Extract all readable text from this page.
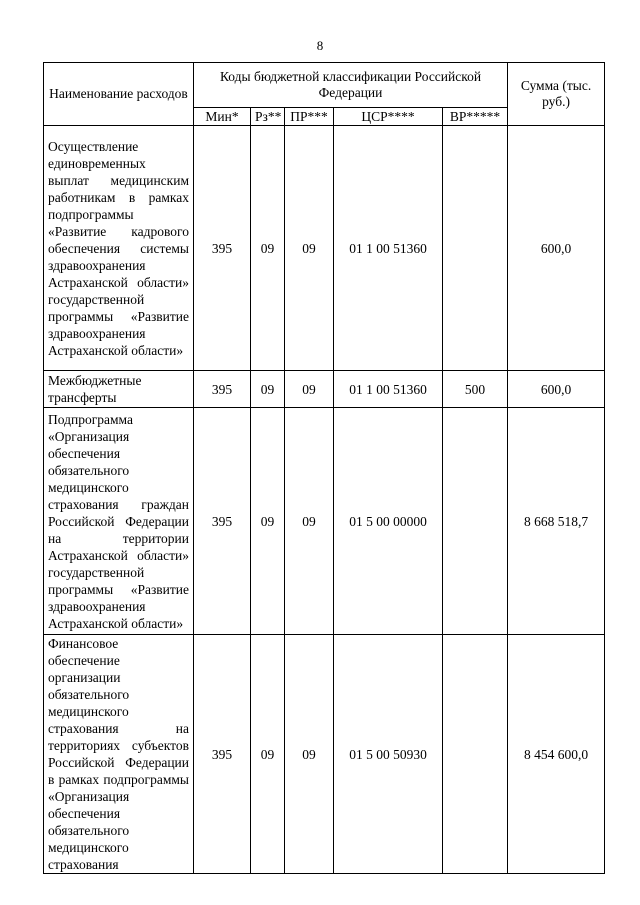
8
Наименование расходов	Коды бюджетной классификации Российской Федерации					Сумма (тыс. руб.)
	Мин*	Рз**	ПР***	ЦСР****	ВР*****	
Осуществление единовременных выплат медицинским работникам в рамках подпрограммы «Развитие кадрового обеспечения системы здравоохранения Астраханской области» государственной программы «Развитие здравоохранения Астраханской области»	395	09	09	01 1 00 51360		600,0
Межбюджетные трансферты	395	09	09	01 1 00 51360	500	600,0
Подпрограмма «Организация обеспечения обязательного медицинского страхования граждан Российской Федерации на территории Астраханской области» государственной программы «Развитие здравоохранения Астраханской области»	395	09	09	01 5 00 00000		8 668 518,7
Финансовое обеспечение организации обязательного медицинского страхования на территориях субъектов Российской Федерации в рамках подпрограммы «Организация обеспечения обязательного медицинского страхования	395	09	09	01 5 00 50930		8 454 600,0
